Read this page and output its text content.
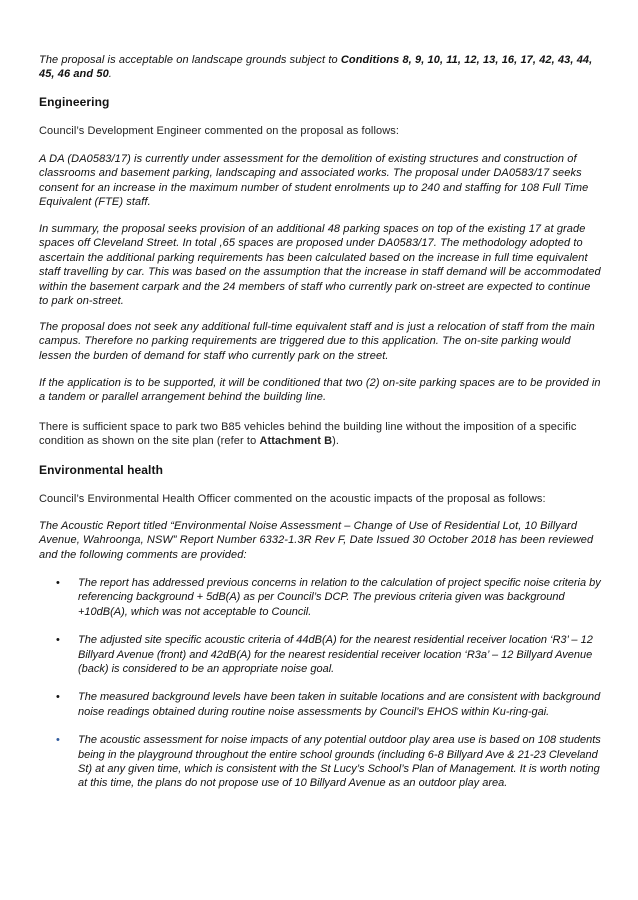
The proposal is acceptable on landscape grounds subject to Conditions 8, 9, 10, 11, 12, 13, 16, 17, 42, 43, 44, 45, 46 and 50.
Engineering
Council’s Development Engineer commented on the proposal as follows:
A DA (DA0583/17) is currently under assessment for the demolition of existing structures and construction of classrooms and basement parking, landscaping and associated works. The proposal under DA0583/17 seeks consent for an increase in the maximum number of student enrolments up to 240 and staffing for 108 Full Time Equivalent (FTE) staff.
In summary, the proposal seeks provision of an additional 48 parking spaces on top of the existing 17 at grade spaces off Cleveland Street. In total ,65 spaces are proposed under DA0583/17. The methodology adopted to ascertain the additional parking requirements has been calculated based on the increase in full time equivalent staff travelling by car. This was based on the assumption that the increase in staff demand will be accommodated within the basement carpark and the 24 members of staff who currently park on-street are expected to continue to park on-street.
The proposal does not seek any additional full-time equivalent staff and is just a relocation of staff from the main campus. Therefore no parking requirements are triggered due to this application. The on-site parking would lessen the burden of demand for staff who currently park on the street.
If the application is to be supported, it will be conditioned that two (2) on-site parking spaces are to be provided in a tandem or parallel arrangement behind the building line.
There is sufficient space to park two B85 vehicles behind the building line without the imposition of a specific condition as shown on the site plan (refer to Attachment B).
Environmental health
Council’s Environmental Health Officer commented on the acoustic impacts of the proposal as follows:
The Acoustic Report titled “Environmental Noise Assessment – Change of Use of Residential Lot, 10 Billyard Avenue, Wahroonga, NSW” Report Number 6332-1.3R Rev F, Date Issued 30 October 2018 has been reviewed and the following comments are provided:
• The report has addressed previous concerns in relation to the calculation of project specific noise criteria by referencing background + 5dB(A) as per Council’s DCP. The previous criteria given was background +10dB(A), which was not acceptable to Council.
• The adjusted site specific acoustic criteria of 44dB(A) for the nearest residential receiver location ‘R3’ – 12 Billyard Avenue (front) and 42dB(A) for the nearest residential receiver location ‘R3a’ – 12 Billyard Avenue (back) is considered to be an appropriate noise goal.
• The measured background levels have been taken in suitable locations and are consistent with background noise readings obtained during routine noise assessments by Council’s EHOS within Ku-ring-gai.
• The acoustic assessment for noise impacts of any potential outdoor play area use is based on 108 students being in the playground throughout the entire school grounds (including 6-8 Billyard Ave & 21-23 Cleveland St) at any given time, which is consistent with the St Lucy’s School’s Plan of Management. It is worth noting at this time, the plans do not propose use of 10 Billyard Avenue as an outdoor play area.
